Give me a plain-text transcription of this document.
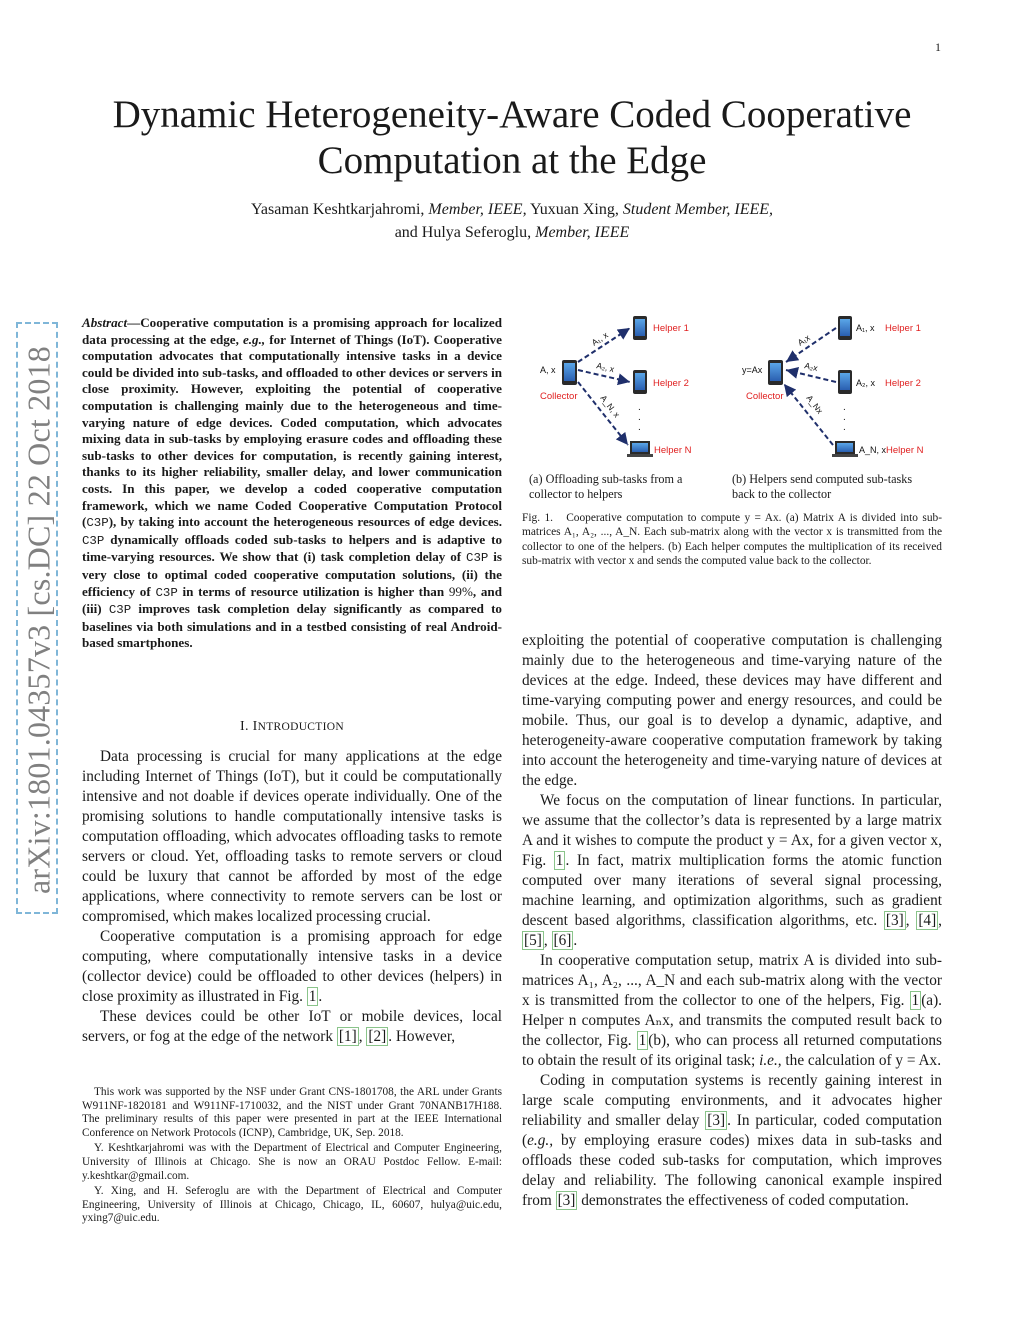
1
Dynamic Heterogeneity-Aware Coded Cooperative
Computation at the Edge
Yasaman Keshtkarjahromi, Member, IEEE, Yuxuan Xing, Student Member, IEEE,
and Hulya Seferoglu, Member, IEEE
arXiv:1801.04357v3 [cs.DC] 22 Oct 2018
Abstract—Cooperative computation is a promising approach for localized data processing at the edge, e.g., for Internet of Things (IoT). Cooperative computation advocates that computationally intensive tasks in a device could be divided into sub-tasks, and offloaded to other devices or servers in close proximity. However, exploiting the potential of cooperative computation is challenging mainly due to the heterogeneous and time-varying nature of edge devices. Coded computation, which advocates mixing data in sub-tasks by employing erasure codes and offloading these sub-tasks to other devices for computation, is recently gaining interest, thanks to its higher reliability, smaller delay, and lower communication costs. In this paper, we develop a coded cooperative computation framework, which we name Coded Cooperative Computation Protocol (C3P), by taking into account the heterogeneous resources of edge devices. C3P dynamically offloads coded sub-tasks to helpers and is adaptive to time-varying resources. We show that (i) task completion delay of C3P is very close to optimal coded cooperative computation solutions, (ii) the efficiency of C3P in terms of resource utilization is higher than 99%, and (iii) C3P improves task completion delay significantly as compared to baselines via both simulations and in a testbed consisting of real Android-based smartphones.
I. INTRODUCTION

Data processing is crucial for many applications at the edge including Internet of Things (IoT), but it could be computationally intensive and not doable if devices operate individually. One of the promising solutions to handle computationally intensive tasks is computation offloading, which advocates offloading tasks to remote servers or cloud. Yet, offloading tasks to remote servers or cloud could be luxury that cannot be afforded by most of the edge applications, where connectivity to remote servers can be lost or compromised, which makes localized processing crucial.

Cooperative computation is a promising approach for edge computing, where computationally intensive tasks in a device (collector device) could be offloaded to other devices (helpers) in close proximity as illustrated in Fig. 1 .

These devices could be other IoT or mobile devices, local servers, or fog at the edge of the network [1] , [2] . However,

This work was supported by the NSF under Grant CNS-1801708, the ARL under Grants W911NF-1820181 and W911NF-1710032, and the NIST under Grant 70NANB17H188. The preliminary results of this paper were presented in part at the IEEE International Conference on Network Protocols (ICNP), Cambridge, UK, Sep. 2018.

Y. Keshtkarjahromi was with the Department of Electrical and Computer Engineering, University of Illinois at Chicago. She is now an ORAU Postdoc Fellow. E-mail: y.keshtkar@gmail.com.

Y. Xing, and H. Seferoglu are with the Department of Electrical and Computer Engineering, University of Illinois at Chicago, Chicago, IL, 60607, hulya@uic.edu, yxing7@uic.edu.

A, x
Collector
Helper 1
Helper 2
Helper N
.
.
.
A₁, x
A₂, x
A_N, x
y=Ax
Collector
A₁, x Helper 1
A₂, x Helper 2
A_N, x Helper N
.
.
.
A₁x
A₂x
A_Nx
(a) Offloading sub-tasks from a collector to helpers
(b) Helpers send computed sub-tasks back to the collector
Fig. 1. Cooperative computation to compute y = Ax. (a) Matrix A is divided into sub-matrices A₁, A₂, ..., A_N. Each sub-matrix along with the vector x is transmitted from the collector to one of the helpers. (b) Each helper computes the multiplication of its received sub-matrix with vector x and sends the computed value back to the collector.

exploiting the potential of cooperative computation is challenging mainly due to the heterogeneous and time-varying nature of the devices at the edge. Indeed, these devices may have different and time-varying computing power and energy resources, and could be mobile. Thus, our goal is to develop a dynamic, adaptive, and heterogeneity-aware cooperative computation framework by taking into account the heterogeneity and time-varying nature of devices at the edge.

We focus on the computation of linear functions. In particular, we assume that the collector’s data is represented by a large matrix A and it wishes to compute the product y = Ax, for a given vector x, Fig. 1 . In fact, matrix multiplication forms the atomic function computed over many iterations of several signal processing, machine learning, and optimization algorithms, such as gradient descent based algorithms, classification algorithms, etc. [3] , [4] , [5] , [6] .

In cooperative computation setup, matrix A is divided into sub-matrices A₁, A₂, ..., A_N and each sub-matrix along with the vector x is transmitted from the collector to one of the helpers, Fig. 1 (a). Helper n computes Aₙx, and transmits the computed result back to the collector, Fig. 1 (b), who can process all returned computations to obtain the result of its original task; i.e., the calculation of y = Ax.

Coding in computation systems is recently gaining interest in large scale computing environments, and it advocates higher reliability and smaller delay [3] . In particular, coded computation (e.g., by employing erasure codes) mixes data in sub-tasks and offloads these coded sub-tasks for computation, which improves delay and reliability. The following canonical example inspired from [3] demonstrates the effectiveness of coded computation.
